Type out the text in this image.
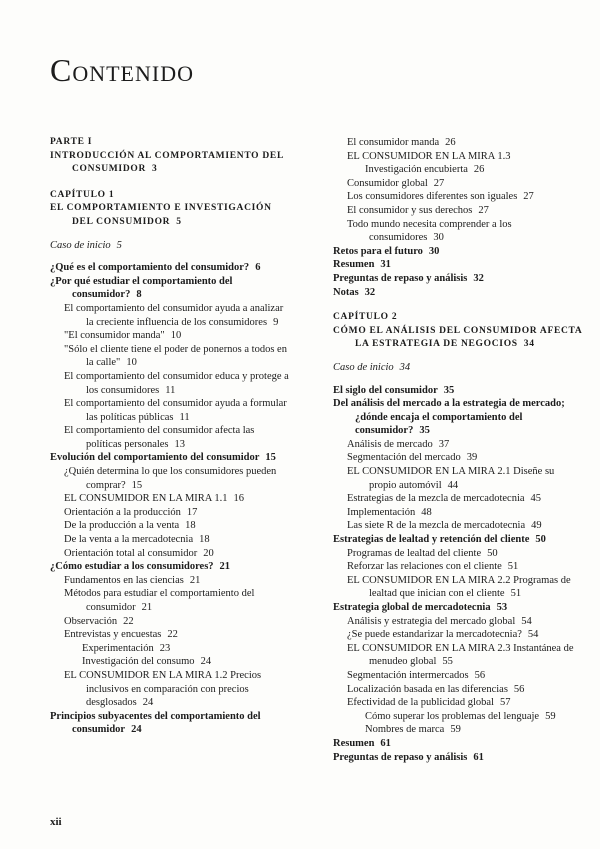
Contenido

PARTE I

INTRODUCCIÓN AL COMPORTAMIENTO DEL CONSUMIDOR 3

CAPÍTULO 1

EL COMPORTAMIENTO E INVESTIGACIÓN DEL CONSUMIDOR 5

Caso de inicio 5

¿Qué es el comportamiento del consumidor? 6

¿Por qué estudiar el comportamiento del consumidor? 8

El comportamiento del consumidor ayuda a analizar la creciente influencia de los consumidores 9

"El consumidor manda" 10

"Sólo el cliente tiene el poder de ponernos a todos en la calle" 10

El comportamiento del consumidor educa y protege a los consumidores 11

El comportamiento del consumidor ayuda a formular las políticas públicas 11

El comportamiento del consumidor afecta las políticas personales 13

Evolución del comportamiento del consumidor 15

¿Quién determina lo que los consumidores pueden comprar? 15

EL CONSUMIDOR EN LA MIRA 1.1 16

Orientación a la producción 17

De la producción a la venta 18

De la venta a la mercadotecnia 18

Orientación total al consumidor 20

¿Cómo estudiar a los consumidores? 21

Fundamentos en las ciencias 21

Métodos para estudiar el comportamiento del consumidor 21

Observación 22

Entrevistas y encuestas 22

Experimentación 23

Investigación del consumo 24

EL CONSUMIDOR EN LA MIRA 1.2 Precios inclusivos en comparación con precios desglosados 24

Principios subyacentes del comportamiento del consumidor 24

El consumidor manda 26

EL CONSUMIDOR EN LA MIRA 1.3

Investigación encubierta 26

Consumidor global 27

Los consumidores diferentes son iguales 27

El consumidor y sus derechos 27

Todo mundo necesita comprender a los consumidores 30

Retos para el futuro 30

Resumen 31

Preguntas de repaso y análisis 32

Notas 32

CAPÍTULO 2

CÓMO EL ANÁLISIS DEL CONSUMIDOR AFECTA LA ESTRATEGIA DE NEGOCIOS 34

Caso de inicio 34

El siglo del consumidor 35

Del análisis del mercado a la estrategia de mercado; ¿dónde encaja el comportamiento del consumidor? 35

Análisis de mercado 37

Segmentación del mercado 39

EL CONSUMIDOR EN LA MIRA 2.1 Diseñe su propio automóvil 44

Estrategias de la mezcla de mercadotecnia 45

Implementación 48

Las siete R de la mezcla de mercadotecnia 49

Estrategias de lealtad y retención del cliente 50

Programas de lealtad del cliente 50

Reforzar las relaciones con el cliente 51

EL CONSUMIDOR EN LA MIRA 2.2 Programas de lealtad que inician con el cliente 51

Estrategia global de mercadotecnia 53

Análisis y estrategia del mercado global 54

¿Se puede estandarizar la mercadotecnia? 54

EL CONSUMIDOR EN LA MIRA 2.3 Instantánea de menudeo global 55

Segmentación intermercados 56

Localización basada en las diferencias 56

Efectividad de la publicidad global 57

Cómo superar los problemas del lenguaje 59

Nombres de marca 59

Resumen 61

Preguntas de repaso y análisis 61

xii
